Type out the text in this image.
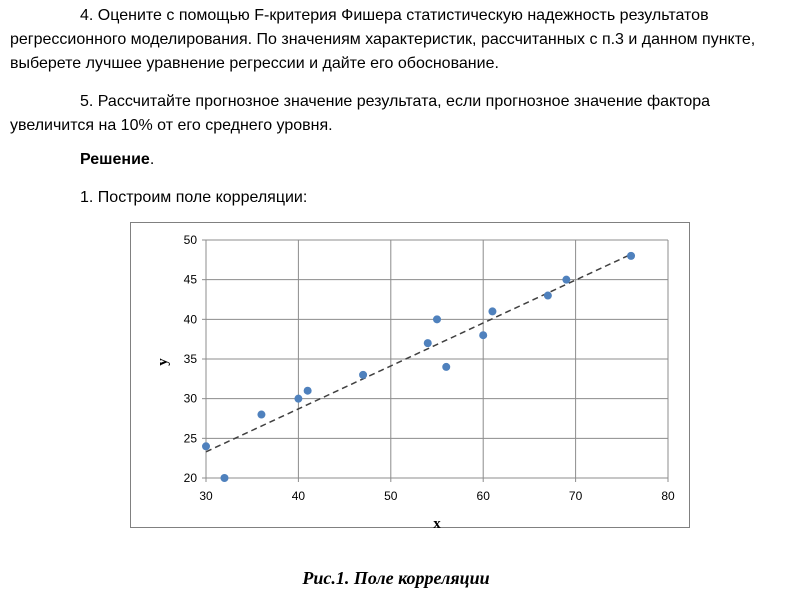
4. Оцените с помощью F-критерия Фишера статистическую надежность результатов регрессионного моделирования. По значениям характеристик, рассчитанных с п.3 и данном пункте, выберете лучшее уравнение регрессии и дайте его обоснование.

5. Рассчитайте прогнозное значение результата, если прогнозное значение фактора увеличится на 10% от его среднего уровня.

Решение.

1. Построим поле корреляции:

20
25
30
35
40
45
50
30	40	50	60	70	80
x
y
Рис.1. Поле корреляции
